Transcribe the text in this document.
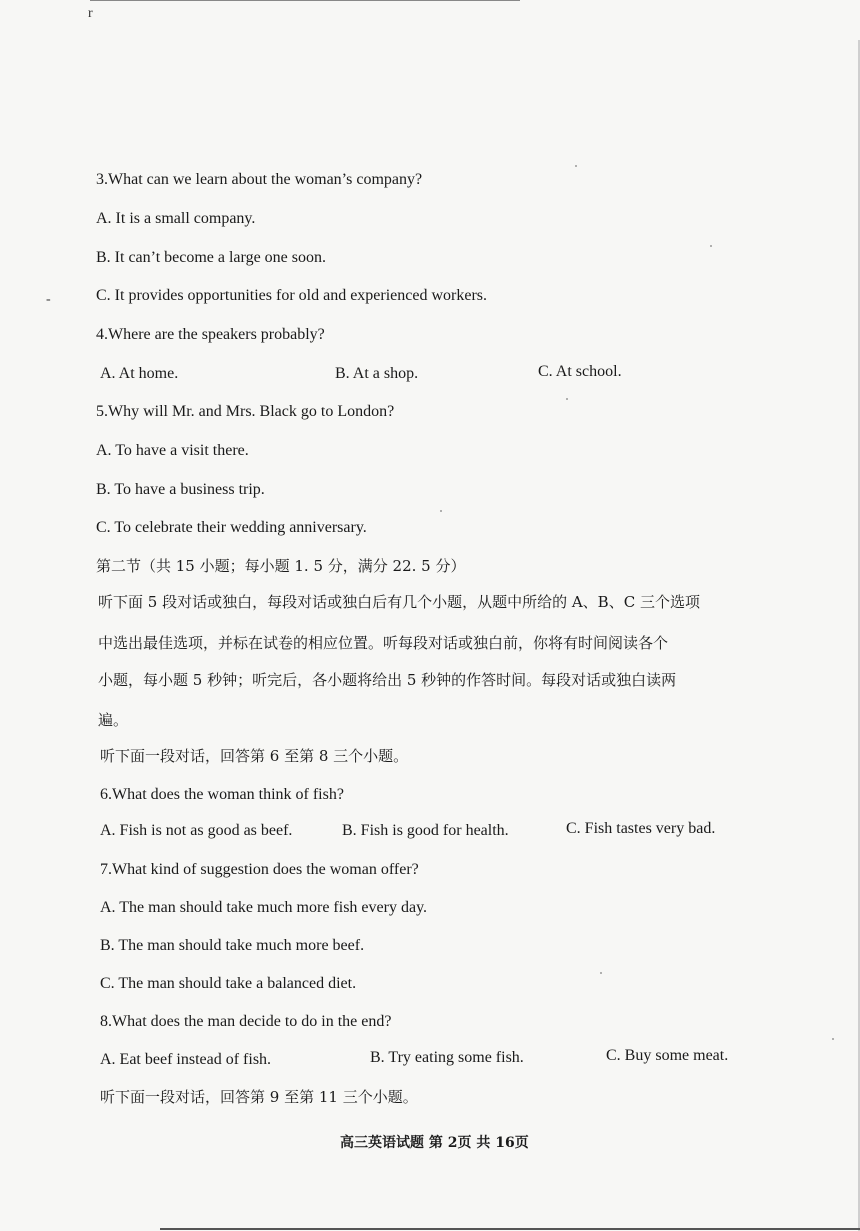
r
-
3.What can we learn about the woman’s company?
A. It is a small company.
B. It can’t become a large one soon.
C. It provides opportunities for old and experienced workers.
4.Where are the speakers probably?
A. At home.	B. At a shop.	C. At school.
5.Why will Mr. and Mrs. Black go to London?
A. To have a visit there.
B. To have a business trip.
C. To celebrate their wedding anniversary.
第二节（共 15 小题；每小题 1. 5 分，满分 22. 5 分）
听下面 5 段对话或独白，每段对话或独白后有几个小题，从题中所给的 A、B、C 三个选项
中选出最佳选项，并标在试卷的相应位置。听每段对话或独白前，你将有时间阅读各个
小题，每小题 5 秒钟；听完后，各小题将给出 5 秒钟的作答时间。每段对话或独白读两
遍。
听下面一段对话，回答第 6 至第 8 三个小题。
6.What does the woman think of fish?
A. Fish is not as good as beef.	B. Fish is good for health.	C. Fish tastes very bad.
7.What kind of suggestion does the woman offer?
A. The man should take much more fish every day.
B. The man should take much more beef.
C. The man should take a balanced diet.
8.What does the man decide to do in the end?
A. Eat beef instead of fish.	B. Try eating some fish.	C. Buy some meat.
听下面一段对话，回答第 9 至第 11 三个小题。
高三英语试题 第 2页 共 16页
